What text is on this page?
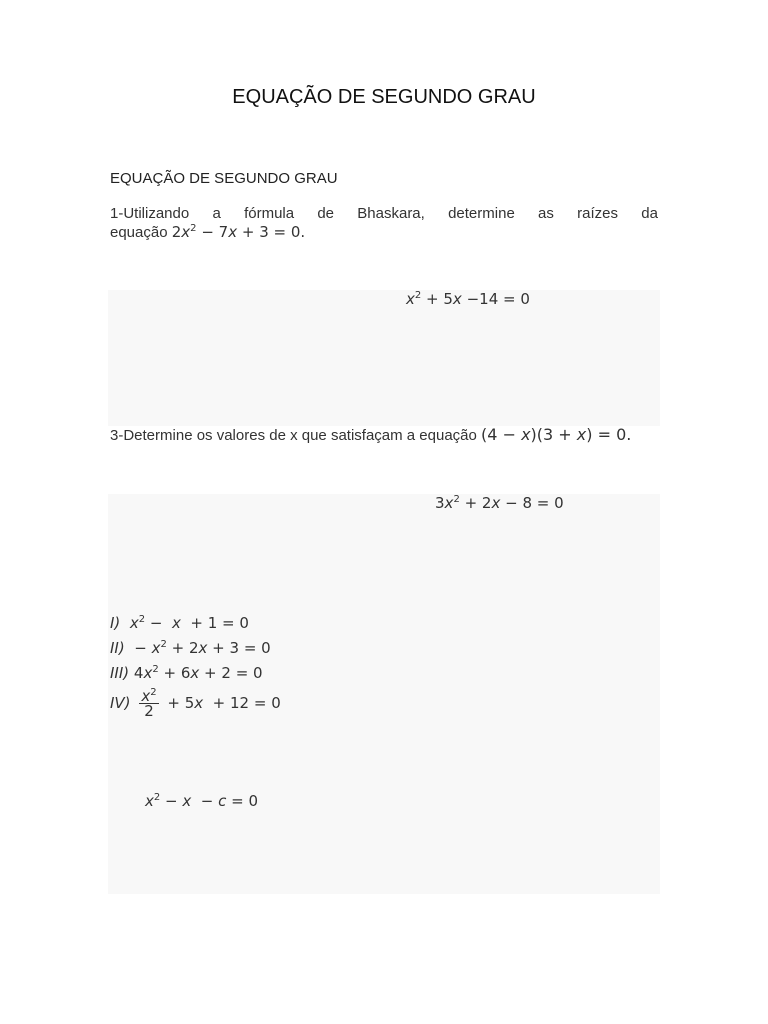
EQUAÇÃO DE SEGUNDO GRAU
EQUAÇÃO DE SEGUNDO GRAU
1-Utilizando a fórmula de Bhaskara, determine as raízes da
equação $2x^2 - 7x + 3 = 0$.
$x^2 + 5x -14 = 0$
3-Determine os valores de x que satisfaçam a equação (4 − x)(3 + x) = 0.
$3x^2 + 2x - 8 = 0$
I) $x^2 - x + 1 = 0$
$II) - x^2 + 2x + 3 = 0$
III) $4x^2 + 6x + 2 = 0$
$IV) \frac{x^2}{2} + 5x + 12 = 0$
$x^2 - x - c = 0$
